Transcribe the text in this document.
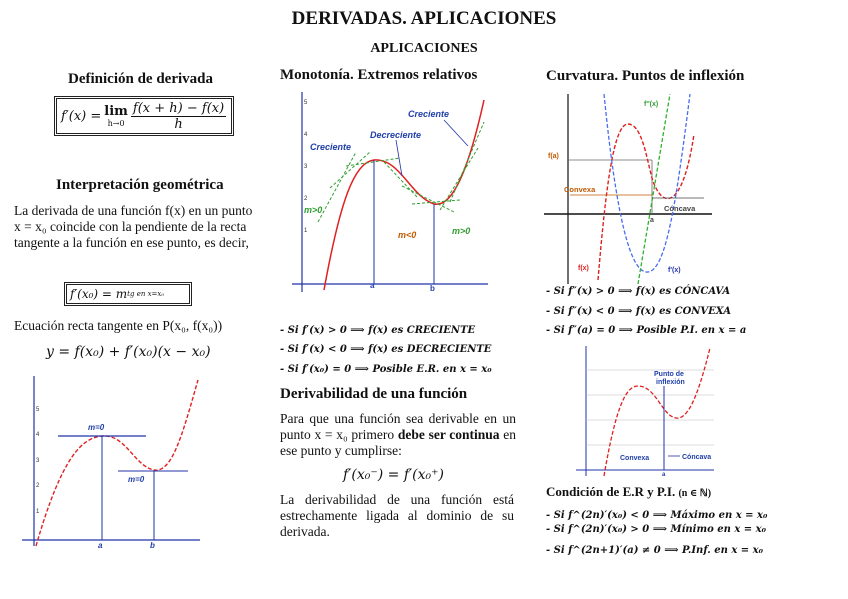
DERIVADAS. APLICACIONES
APLICACIONES
Definición de derivada
f′(x) = lim
$h\to 0 \frac{f(x + h) - f(x)}{h}$
Interpretación geométrica
La derivada de una función f(x) en un punto x = x₀ coincide con la pendiente de la recta tangente a la función en ese punto, es decir,
f′(x₀) = m tg en x=x₀
Ecuación recta tangente en P(x₀, f(x₀))
y = f(x₀) + f′(x₀)(x − x₀)
5
4
3
2
1
m=0
m=0
a	b
Monotonía. Extremos relativos
5
4
3
2
1
Creciente
Decreciente
Creciente
m>0
m<0	m>0
a	b
- Si f′(x) > 0 ⟹ f(x) es CRECIENTE
- Si f′(x) < 0 ⟹ f(x) es DECRECIENTE
- Si f′(x₀) = 0 ⟹ Posible E.R. en x = x₀
Derivabilidad de una función
Para que una función sea derivable en un punto x = x₀ primero debe ser continua en ese punto y cumplirse:
f′(x₀⁻) = f′(x₀⁺)
La derivabilidad de una función está estrechamente ligada al dominio de su derivada.
Curvatura. Puntos de inflexión
f''(x)
f(a)
Convexa
Cóncava
a
f(x)	f'(x)
- Si f″(x) > 0 ⟹ f(x) es CÓNCAVA
- Si f″(x) < 0 ⟹ f(x) es CONVEXA
- Si f″(a) = 0 ⟹ Posible P.I. en x = a
Punto de
inflexión
Convexa	Cóncava
a
Condición de E.R y P.I. (n ∈ ℕ)
- Si f^(2n)′(x₀) < 0 ⟹ Máximo en x = x₀
- Si f^(2n)′(x₀) > 0 ⟹ Mínimo en x = x₀
- Si f^(2n+1)′(a) ≠ 0 ⟹ P.Inf. en x = x₀
